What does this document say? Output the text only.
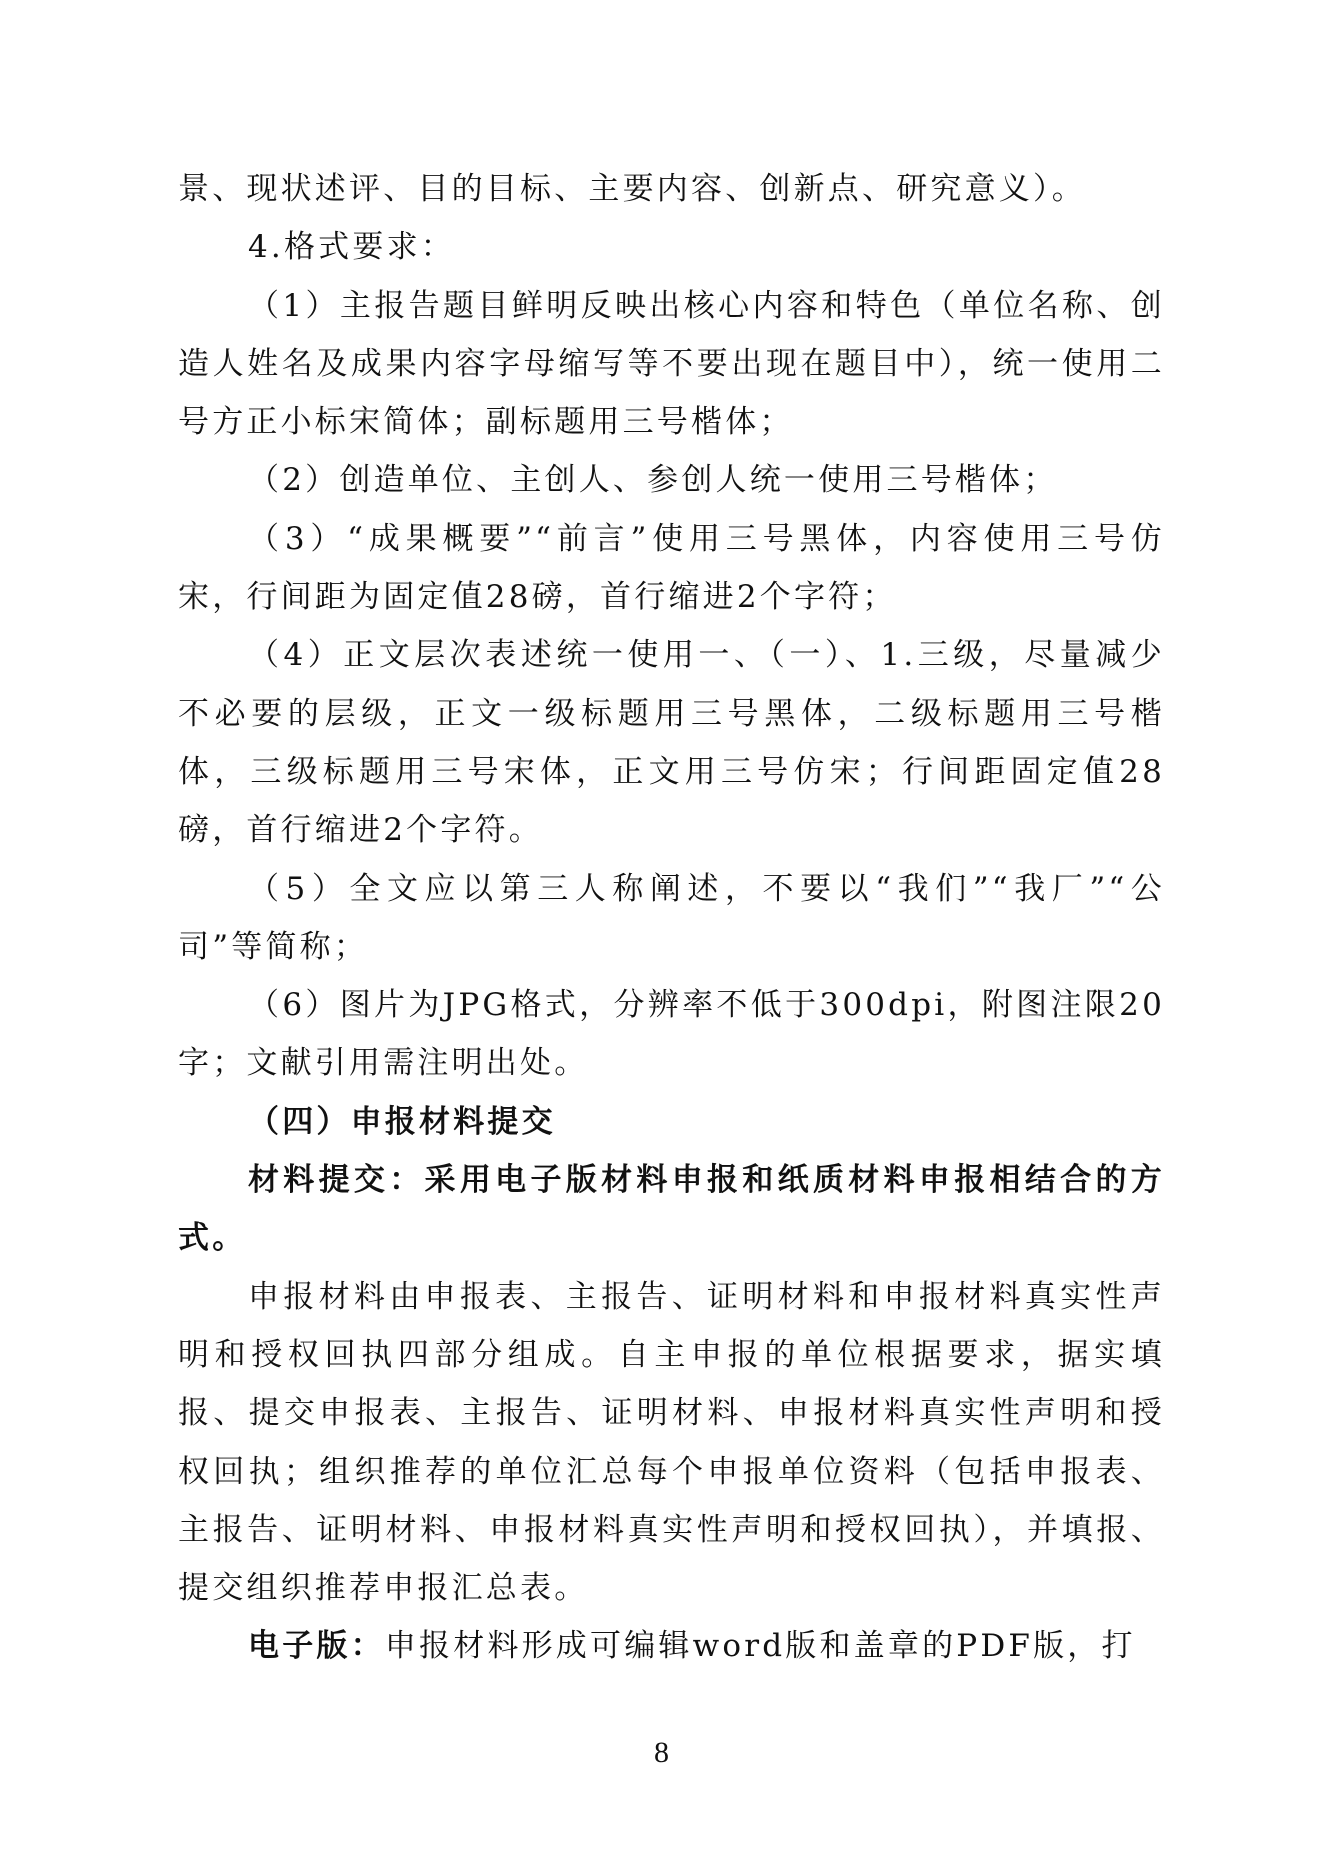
景、现状述评、目的目标、主要内容、创新点、研究意义）。

4.格式要求：

（1）主报告题目鲜明反映出核心内容和特色（单位名称、创造人姓名及成果内容字母缩写等不要出现在题目中），统一使用二号方正小标宋简体；副标题用三号楷体；

（2）创造单位、主创人、参创人统一使用三号楷体；

（3）“成果概要”“前言”使用三号黑体，内容使用三号仿宋，行间距为固定值28磅，首行缩进2个字符；

（4）正文层次表述统一使用一、（一）、1.三级，尽量减少不必要的层级，正文一级标题用三号黑体，二级标题用三号楷体，三级标题用三号宋体，正文用三号仿宋；行间距固定值28磅，首行缩进2个字符。

（5）全文应以第三人称阐述，不要以“我们”“我厂”“公司”等简称；

（6）图片为JPG格式，分辨率不低于300dpi，附图注限20字；文献引用需注明出处。

（四）申报材料提交

材料提交：采用电子版材料申报和纸质材料申报相结合的方式。

申报材料由申报表、主报告、证明材料和申报材料真实性声明和授权回执四部分组成。自主申报的单位根据要求，据实填报、提交申报表、主报告、证明材料、申报材料真实性声明和授权回执；组织推荐的单位汇总每个申报单位资料（包括申报表、主报告、证明材料、申报材料真实性声明和授权回执），并填报、提交组织推荐申报汇总表。

电子版：申报材料形成可编辑word版和盖章的PDF版，打

8
